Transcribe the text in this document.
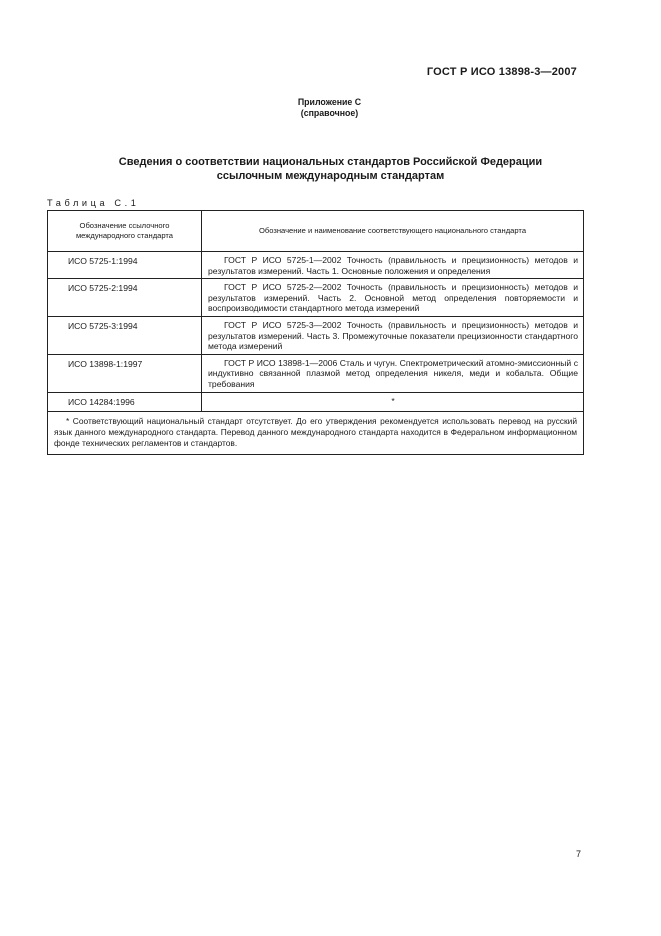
ГОСТ Р ИСО 13898-3—2007
Приложение С
(справочное)
Сведения о соответствии национальных стандартов Российской Федерации
ссылочным международным стандартам
Таблица С.1
Обозначение ссылочного международного стандарта	Обозначение и наименование соответствующего национального стандарта
ИСО 5725-1:1994	ГОСТ Р ИСО 5725-1—2002 Точность (правильность и прецизионность) методов и результатов измерений. Часть 1. Основные положения и определения
ИСО 5725-2:1994	ГОСТ Р ИСО 5725-2—2002 Точность (правильность и прецизионность) методов и результатов измерений. Часть 2. Основной метод определения повторяемости и воспроизводимости стандартного метода измерений
ИСО 5725-3:1994	ГОСТ Р ИСО 5725-3—2002 Точность (правильность и прецизионность) методов и результатов измерений. Часть 3. Промежуточные показатели прецизионности стандартного метода измерений
ИСО 13898-1:1997	ГОСТ Р ИСО 13898-1—2006 Сталь и чугун. Спектрометрический атомно-эмиссионный с индуктивно связанной плазмой метод определения никеля, меди и кобальта. Общие требования
ИСО 14284:1996	*
* Соответствующий национальный стандарт отсутствует. До его утверждения рекомендуется использовать перевод на русский язык данного международного стандарта. Перевод данного международного стандарта находится в Федеральном информационном фонде технических регламентов и стандартов.	
7
